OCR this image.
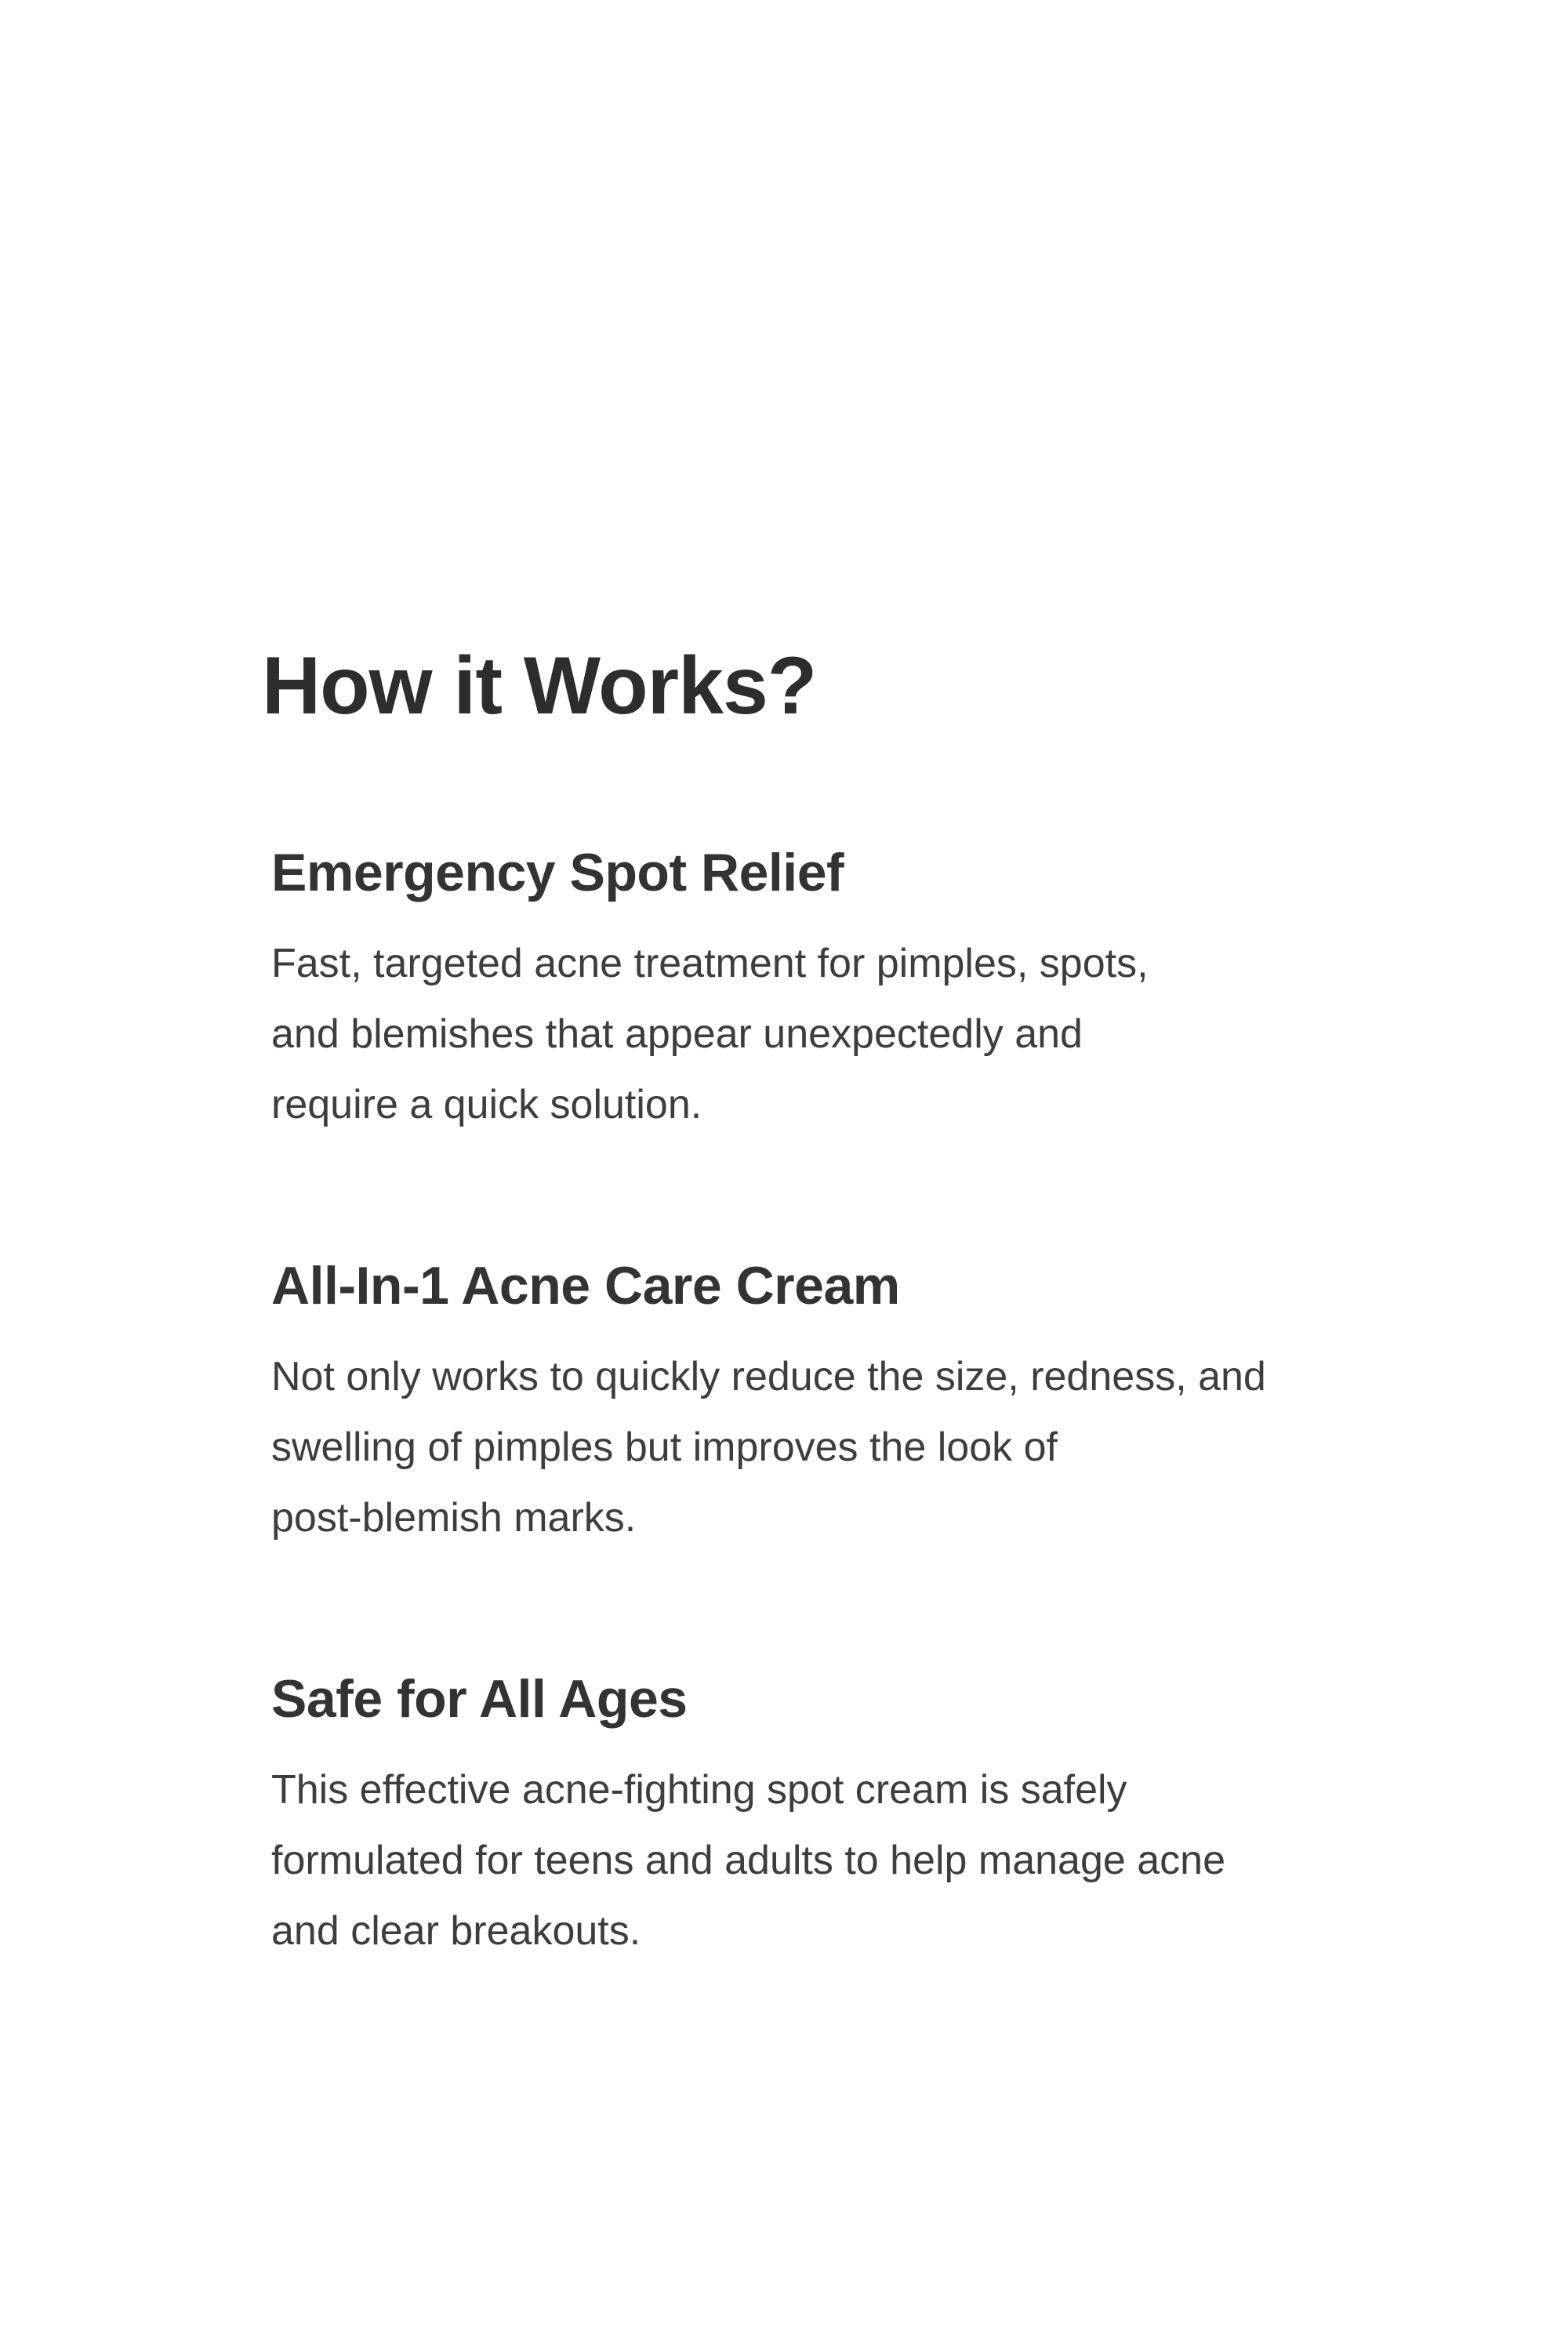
How it Works?
Emergency Spot Relief
Fast, targeted acne treatment for pimples, spots,
and blemishes that appear unexpectedly and
require a quick solution.
All-In-1 Acne Care Cream
Not only works to quickly reduce the size, redness, and
swelling of pimples but improves the look of
post-blemish marks.
Safe for All Ages
This effective acne-fighting spot cream is safely
formulated for teens and adults to help manage acne
and clear breakouts.
